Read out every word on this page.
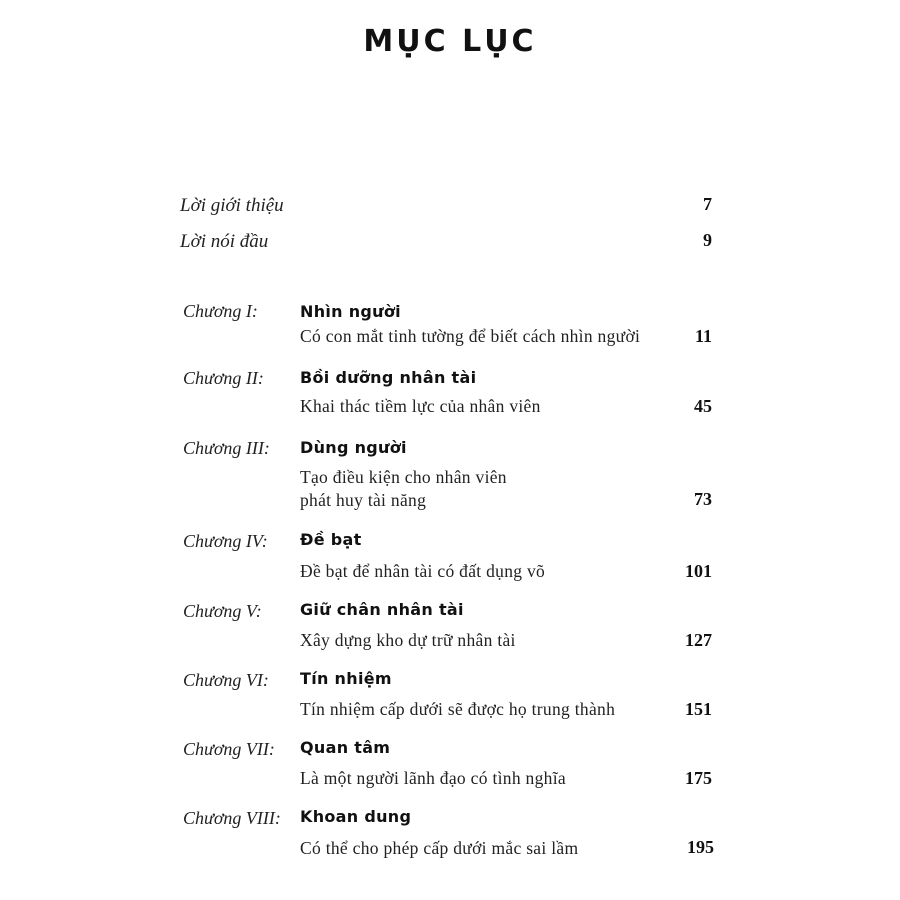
MỤC LỤC
Lời giới thiệu	7
Lời nói đầu	9
Chương I:	Nhìn người
Có con mắt tinh tường để biết cách nhìn người	11
Chương II: Bồi dưỡng nhân tài
Khai thác tiềm lực của nhân viên	45
Chương III: Dùng người
Tạo điều kiện cho nhân viên
phát huy tài năng	73
Chương IV: Đề bạt
Đề bạt để nhân tài có đất dụng võ	101
Chương V: Giữ chân nhân tài
Xây dựng kho dự trữ nhân tài	127
Chương VI: Tín nhiệm
Tín nhiệm cấp dưới sẽ được họ trung thành	151
Chương VII: Quan tâm
Là một người lãnh đạo có tình nghĩa	175
Chương VIII: Khoan dung
Có thể cho phép cấp dưới mắc sai lầm	195
